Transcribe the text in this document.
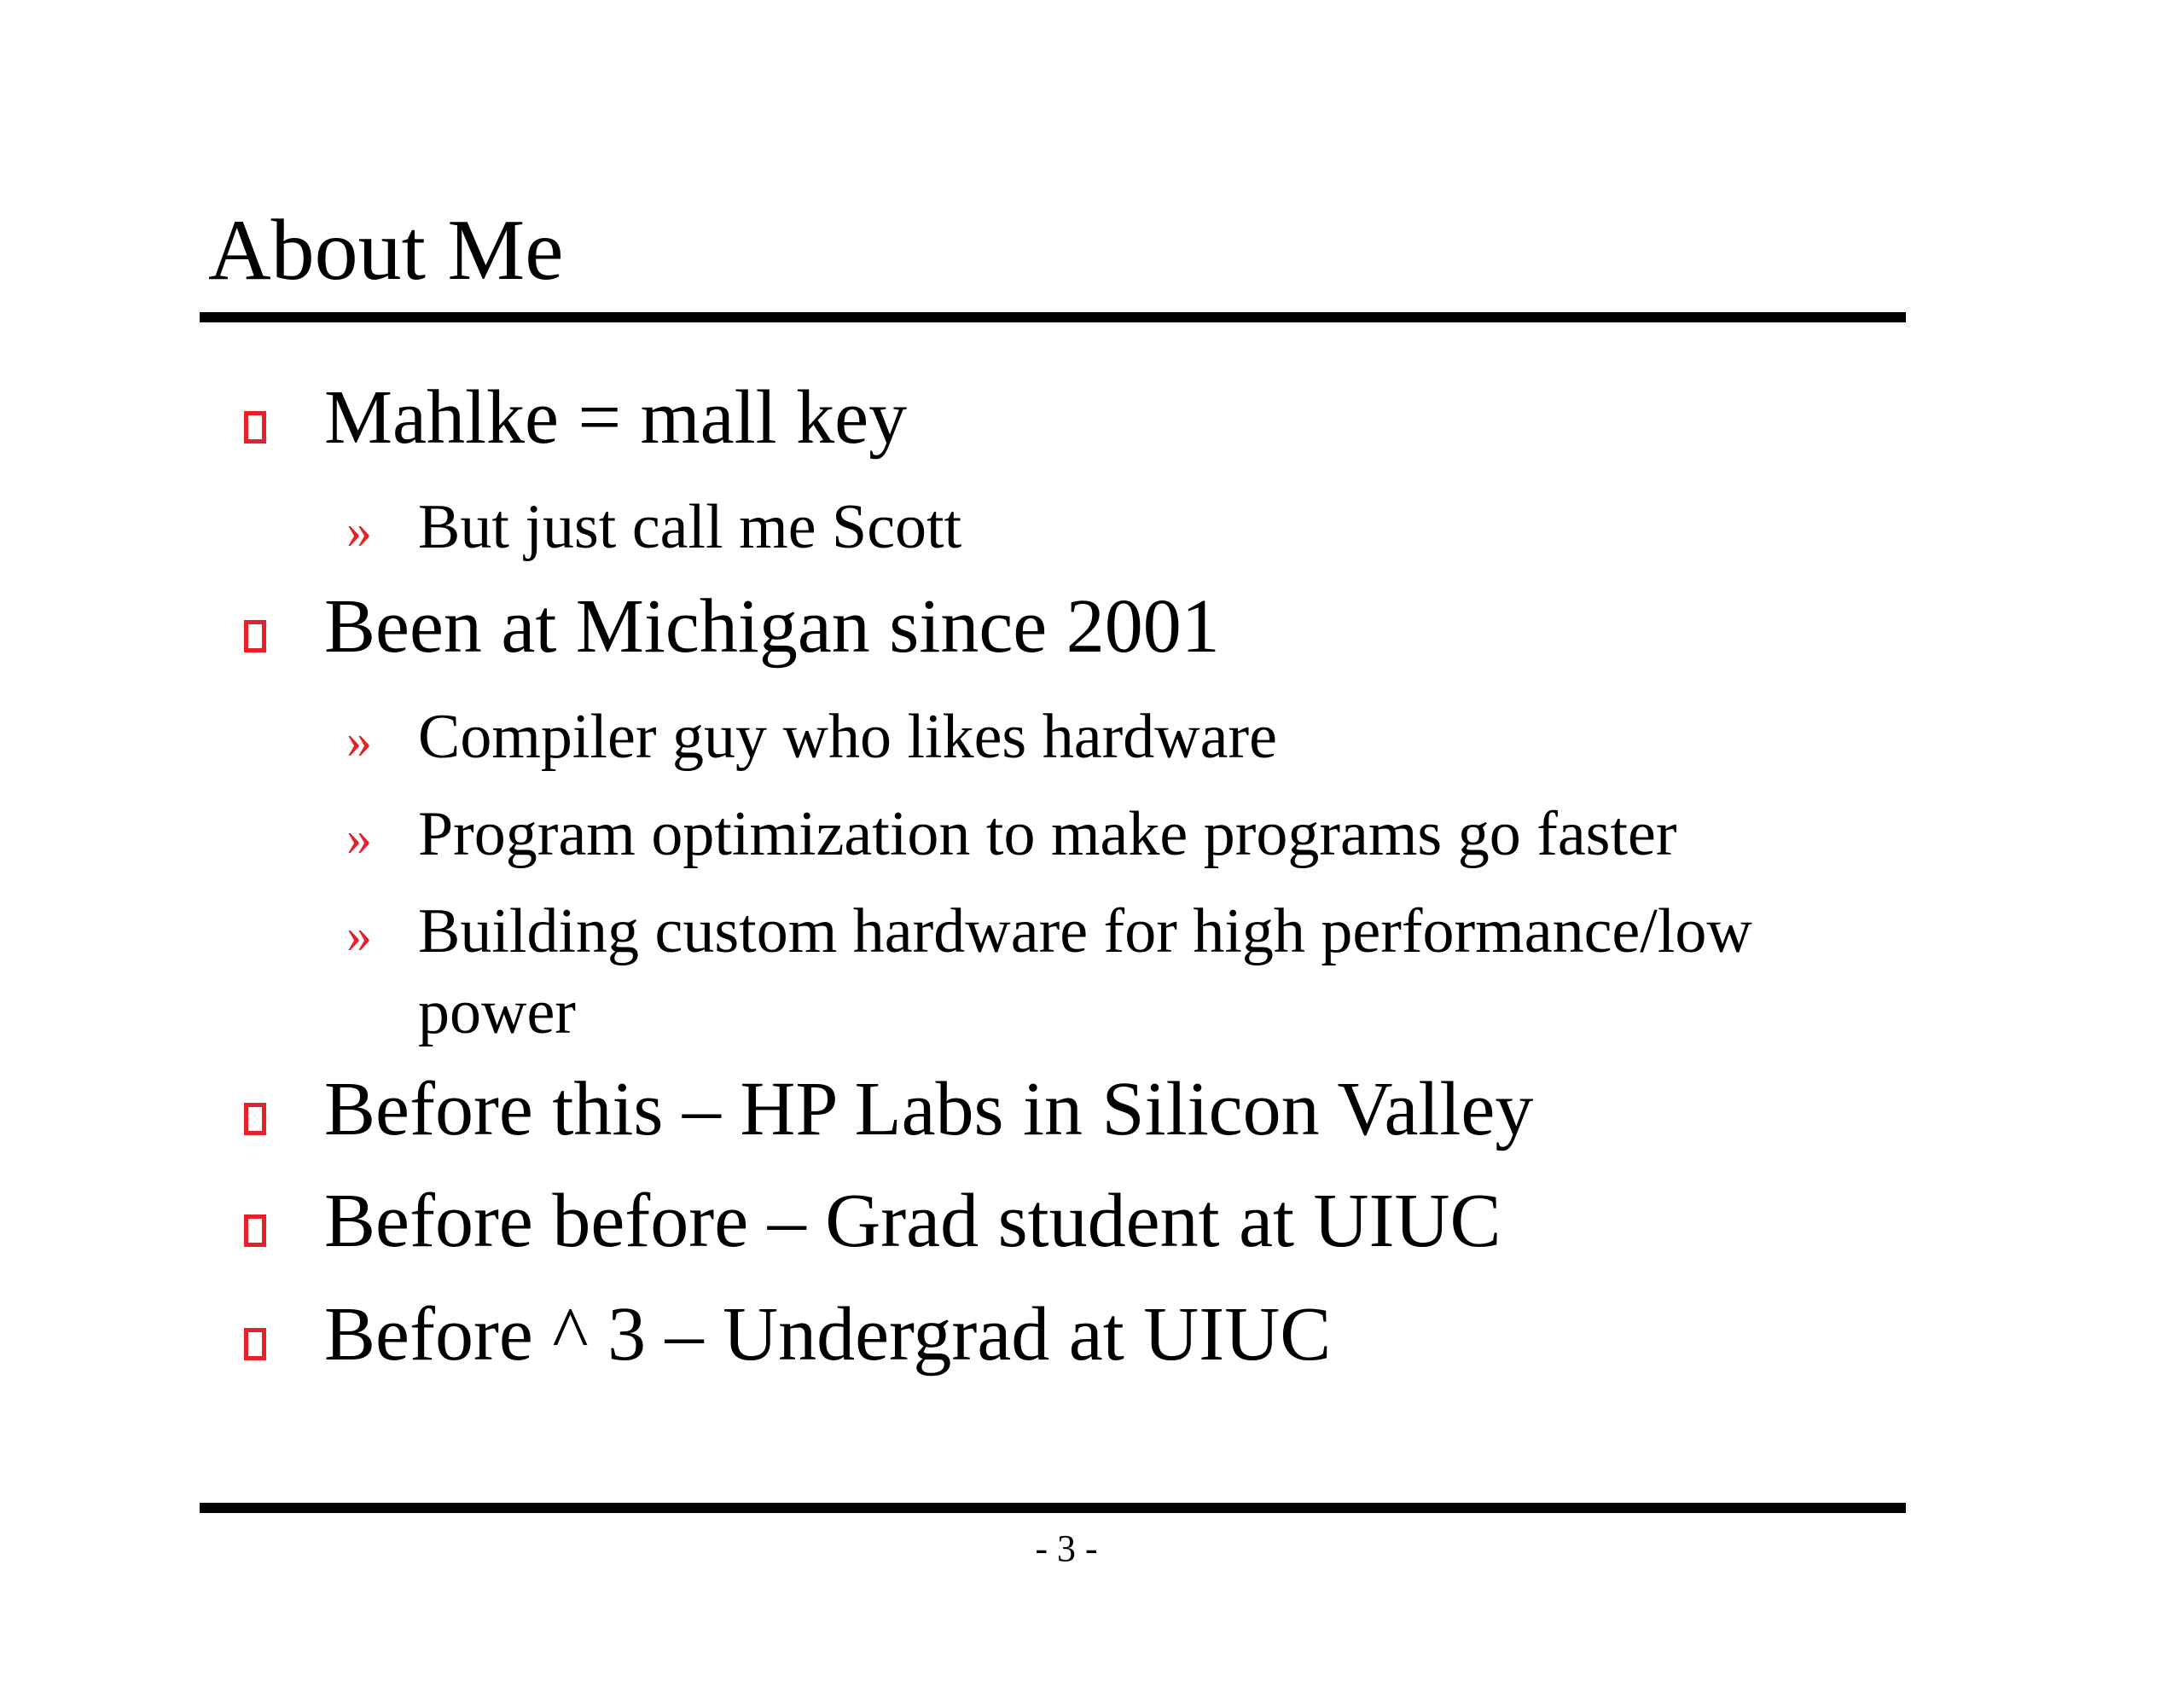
About Me
Mahlke = mall key
» But just call me Scott
Been at Michigan since 2001
» Compiler guy who likes hardware
» Program optimization to make programs go faster
» Building custom hardware for high performance/low
power
Before this – HP Labs in Silicon Valley
Before before – Grad student at UIUC
Before ^ 3 – Undergrad at UIUC
- 3 -
